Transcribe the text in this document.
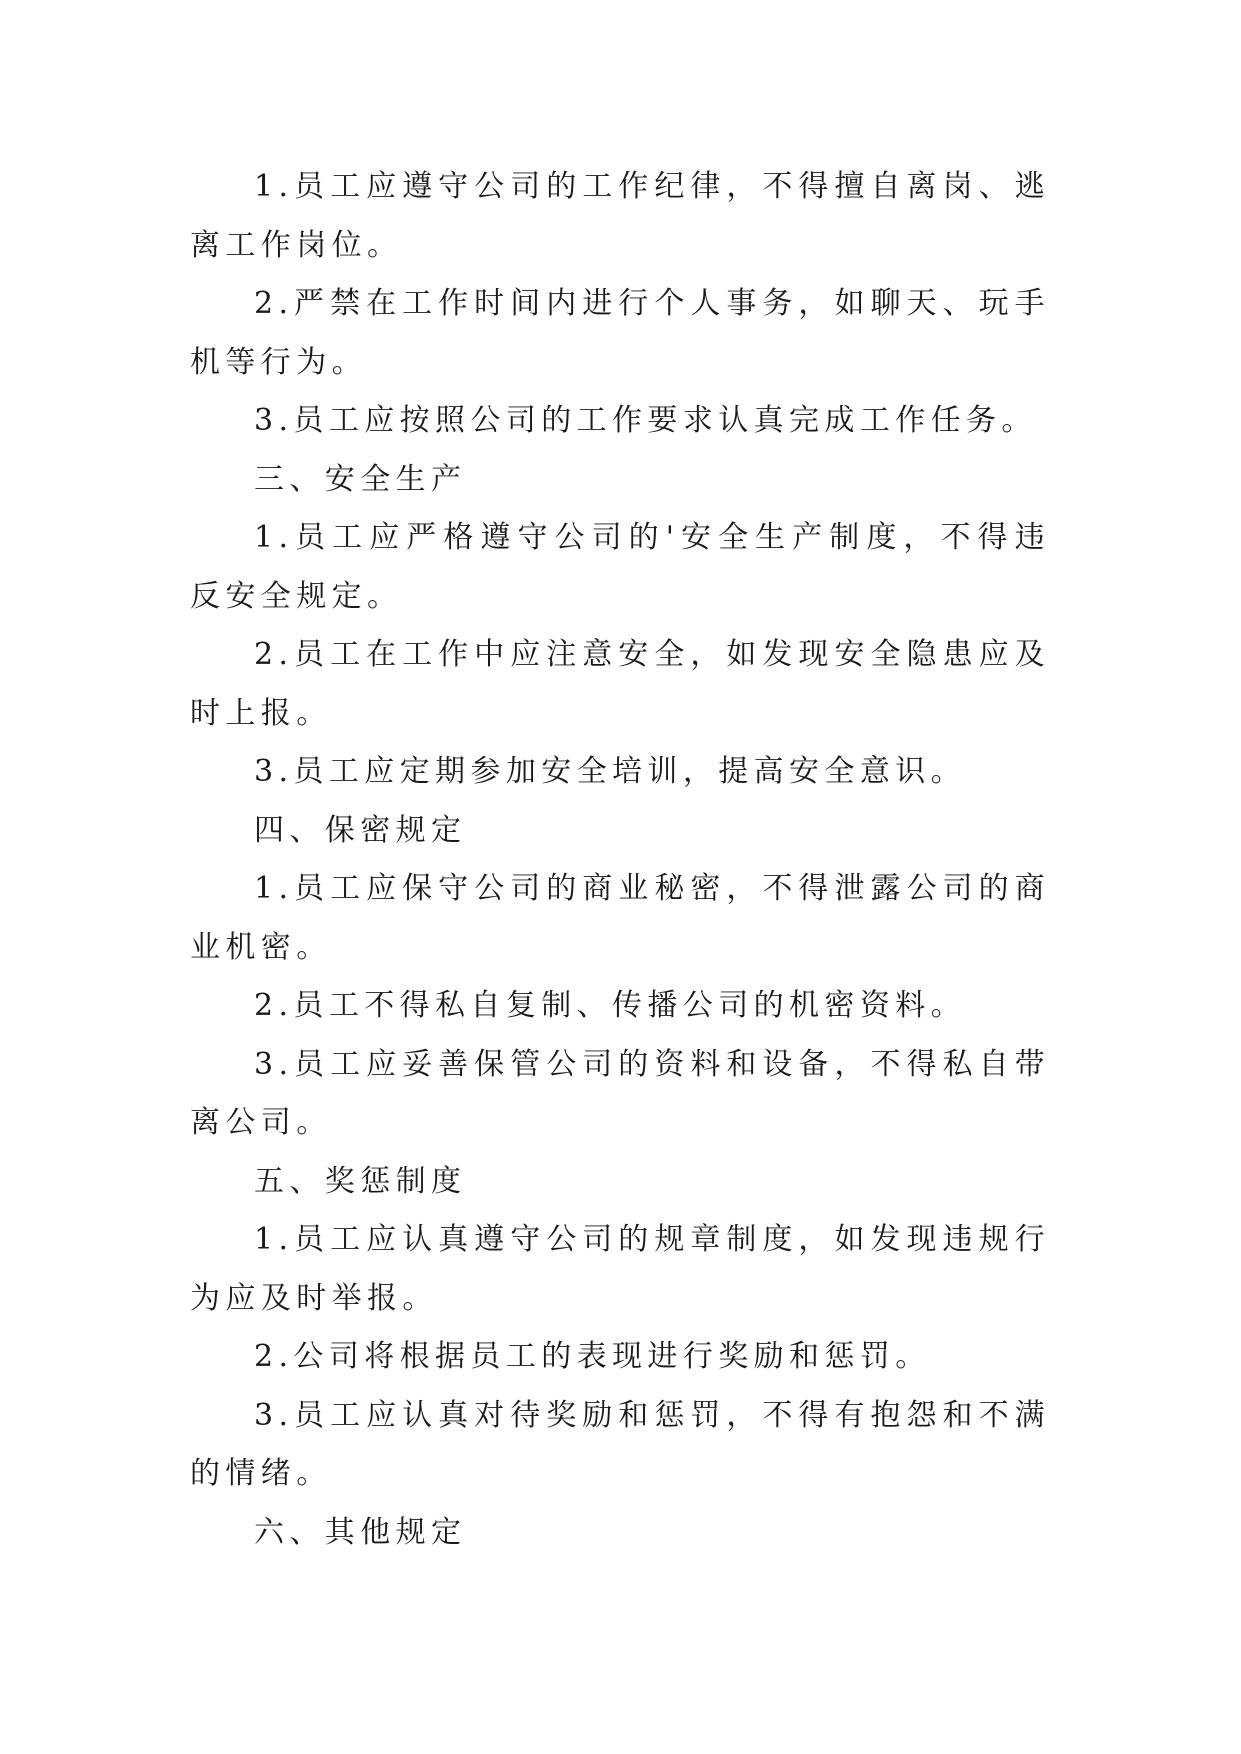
1.员工应遵守公司的工作纪律，不得擅自离岗、逃离工作岗位。

2.严禁在工作时间内进行个人事务，如聊天、玩手机等行为。

3.员工应按照公司的工作要求认真完成工作任务。

三、安全生产

1.员工应严格遵守公司的'安全生产制度，不得违反安全规定。

2.员工在工作中应注意安全，如发现安全隐患应及时上报。

3.员工应定期参加安全培训，提高安全意识。

四、保密规定

1.员工应保守公司的商业秘密，不得泄露公司的商业机密。

2.员工不得私自复制、传播公司的机密资料。

3.员工应妥善保管公司的资料和设备，不得私自带离公司。

五、奖惩制度

1.员工应认真遵守公司的规章制度，如发现违规行为应及时举报。

2.公司将根据员工的表现进行奖励和惩罚。

3.员工应认真对待奖励和惩罚，不得有抱怨和不满的情绪。

六、其他规定
